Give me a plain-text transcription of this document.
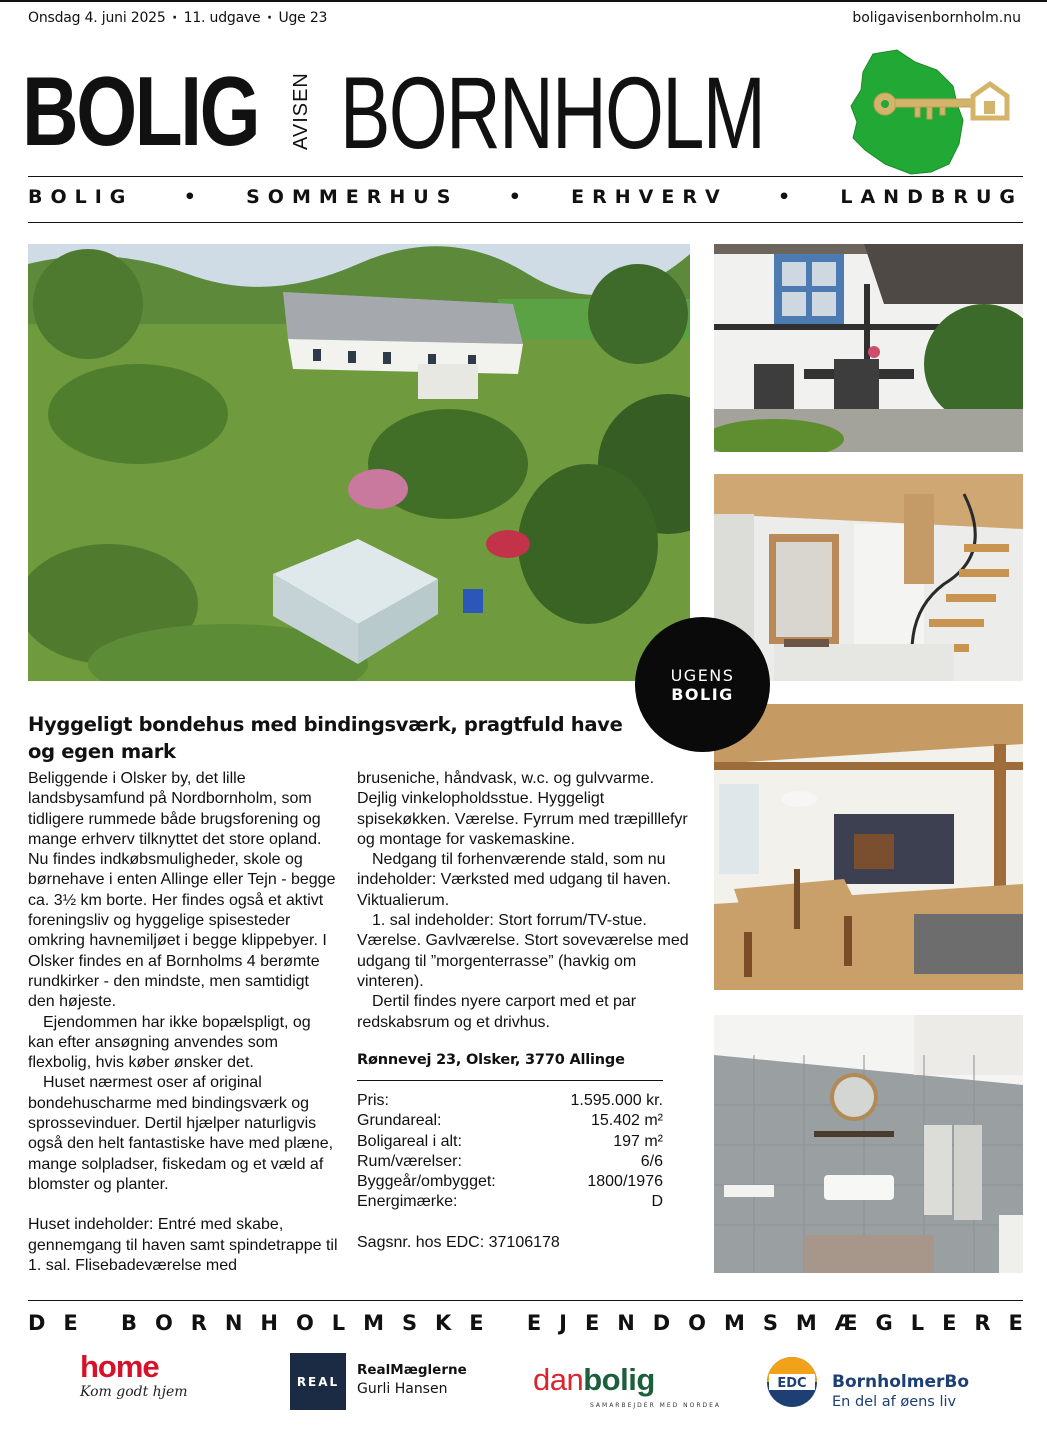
Onsdag 4. juni 2025 · 11. udgave · Uge 23	boligavisenbornholm.nu
BOLIG AVISEN BORNHOLM
BOLIG	•	SOMMERHUS	•	ERHVERV	•	LANDBRUG
UGENS
BOLIG
Hyggeligt bondehus med bindingsværk, pragtfuld have og egen mark

Beliggende i Olsker by, det lille landsbysamfund på Nordbornholm, som tidligere rummede både brugsforening og mange erhverv tilknyttet det store opland. Nu findes indkøbsmuligheder, skole og børnehave i enten Allinge eller Tejn - begge ca. 3½ km borte. Her findes også et aktivt foreningsliv og hyggelige spisesteder omkring havnemiljøet i begge klippebyer. I Olsker findes en af Bornholms 4 berømte rundkirker - den mindste, men samtidigt den højeste.

Ejendommen har ikke bopælspligt, og kan efter ansøgning anvendes som flexbolig, hvis køber ønsker det.

Huset nærmest oser af original bondehuscharme med bindingsværk og sprossevinduer. Dertil hjælper naturligvis også den helt fantastiske have med plæne, mange solpladser, fiskedam og et væld af blomster og planter.

Huset indeholder: Entré med skabe, gennemgang til haven samt spindetrappe til 1. sal. Flisebadeværelse med

bruseniche, håndvask, w.c. og gulvvarme. Dejlig vinkelopholdsstue. Hyggeligt spisekøkken. Værelse. Fyrrum med træpilllefyr og montage for vaskemaskine.

Nedgang til forhenværende stald, som nu indeholder: Værksted med udgang til haven. Viktualierum.

1. sal indeholder: Stort forrum/TV-stue. Værelse. Gavlværelse. Stort soveværelse med udgang til ”morgenterrasse” (havkig om vinteren).

Dertil findes nyere carport med et par redskabsrum og et drivhus.

Rønnevej 23, Olsker, 3770 Allinge
Pris:	1.595.000 kr.
Grundareal:	15.402 m²
Boligareal i alt:	197 m²
Rum/værelser:	6/6
Byggeår/ombygget:	1800/1976
Energimærke:	D
Sagsnr. hos EDC: 37106178
D E
B O R N H O L M S K E
E J E N D O M S M Æ G L E R E
home
Kom godt hjem
REAL
RealMæglerne
Gurli Hansen	danbolig
SAMARBEJDER MED NORDEA
EDC BornholmerBo
En del af øens liv
